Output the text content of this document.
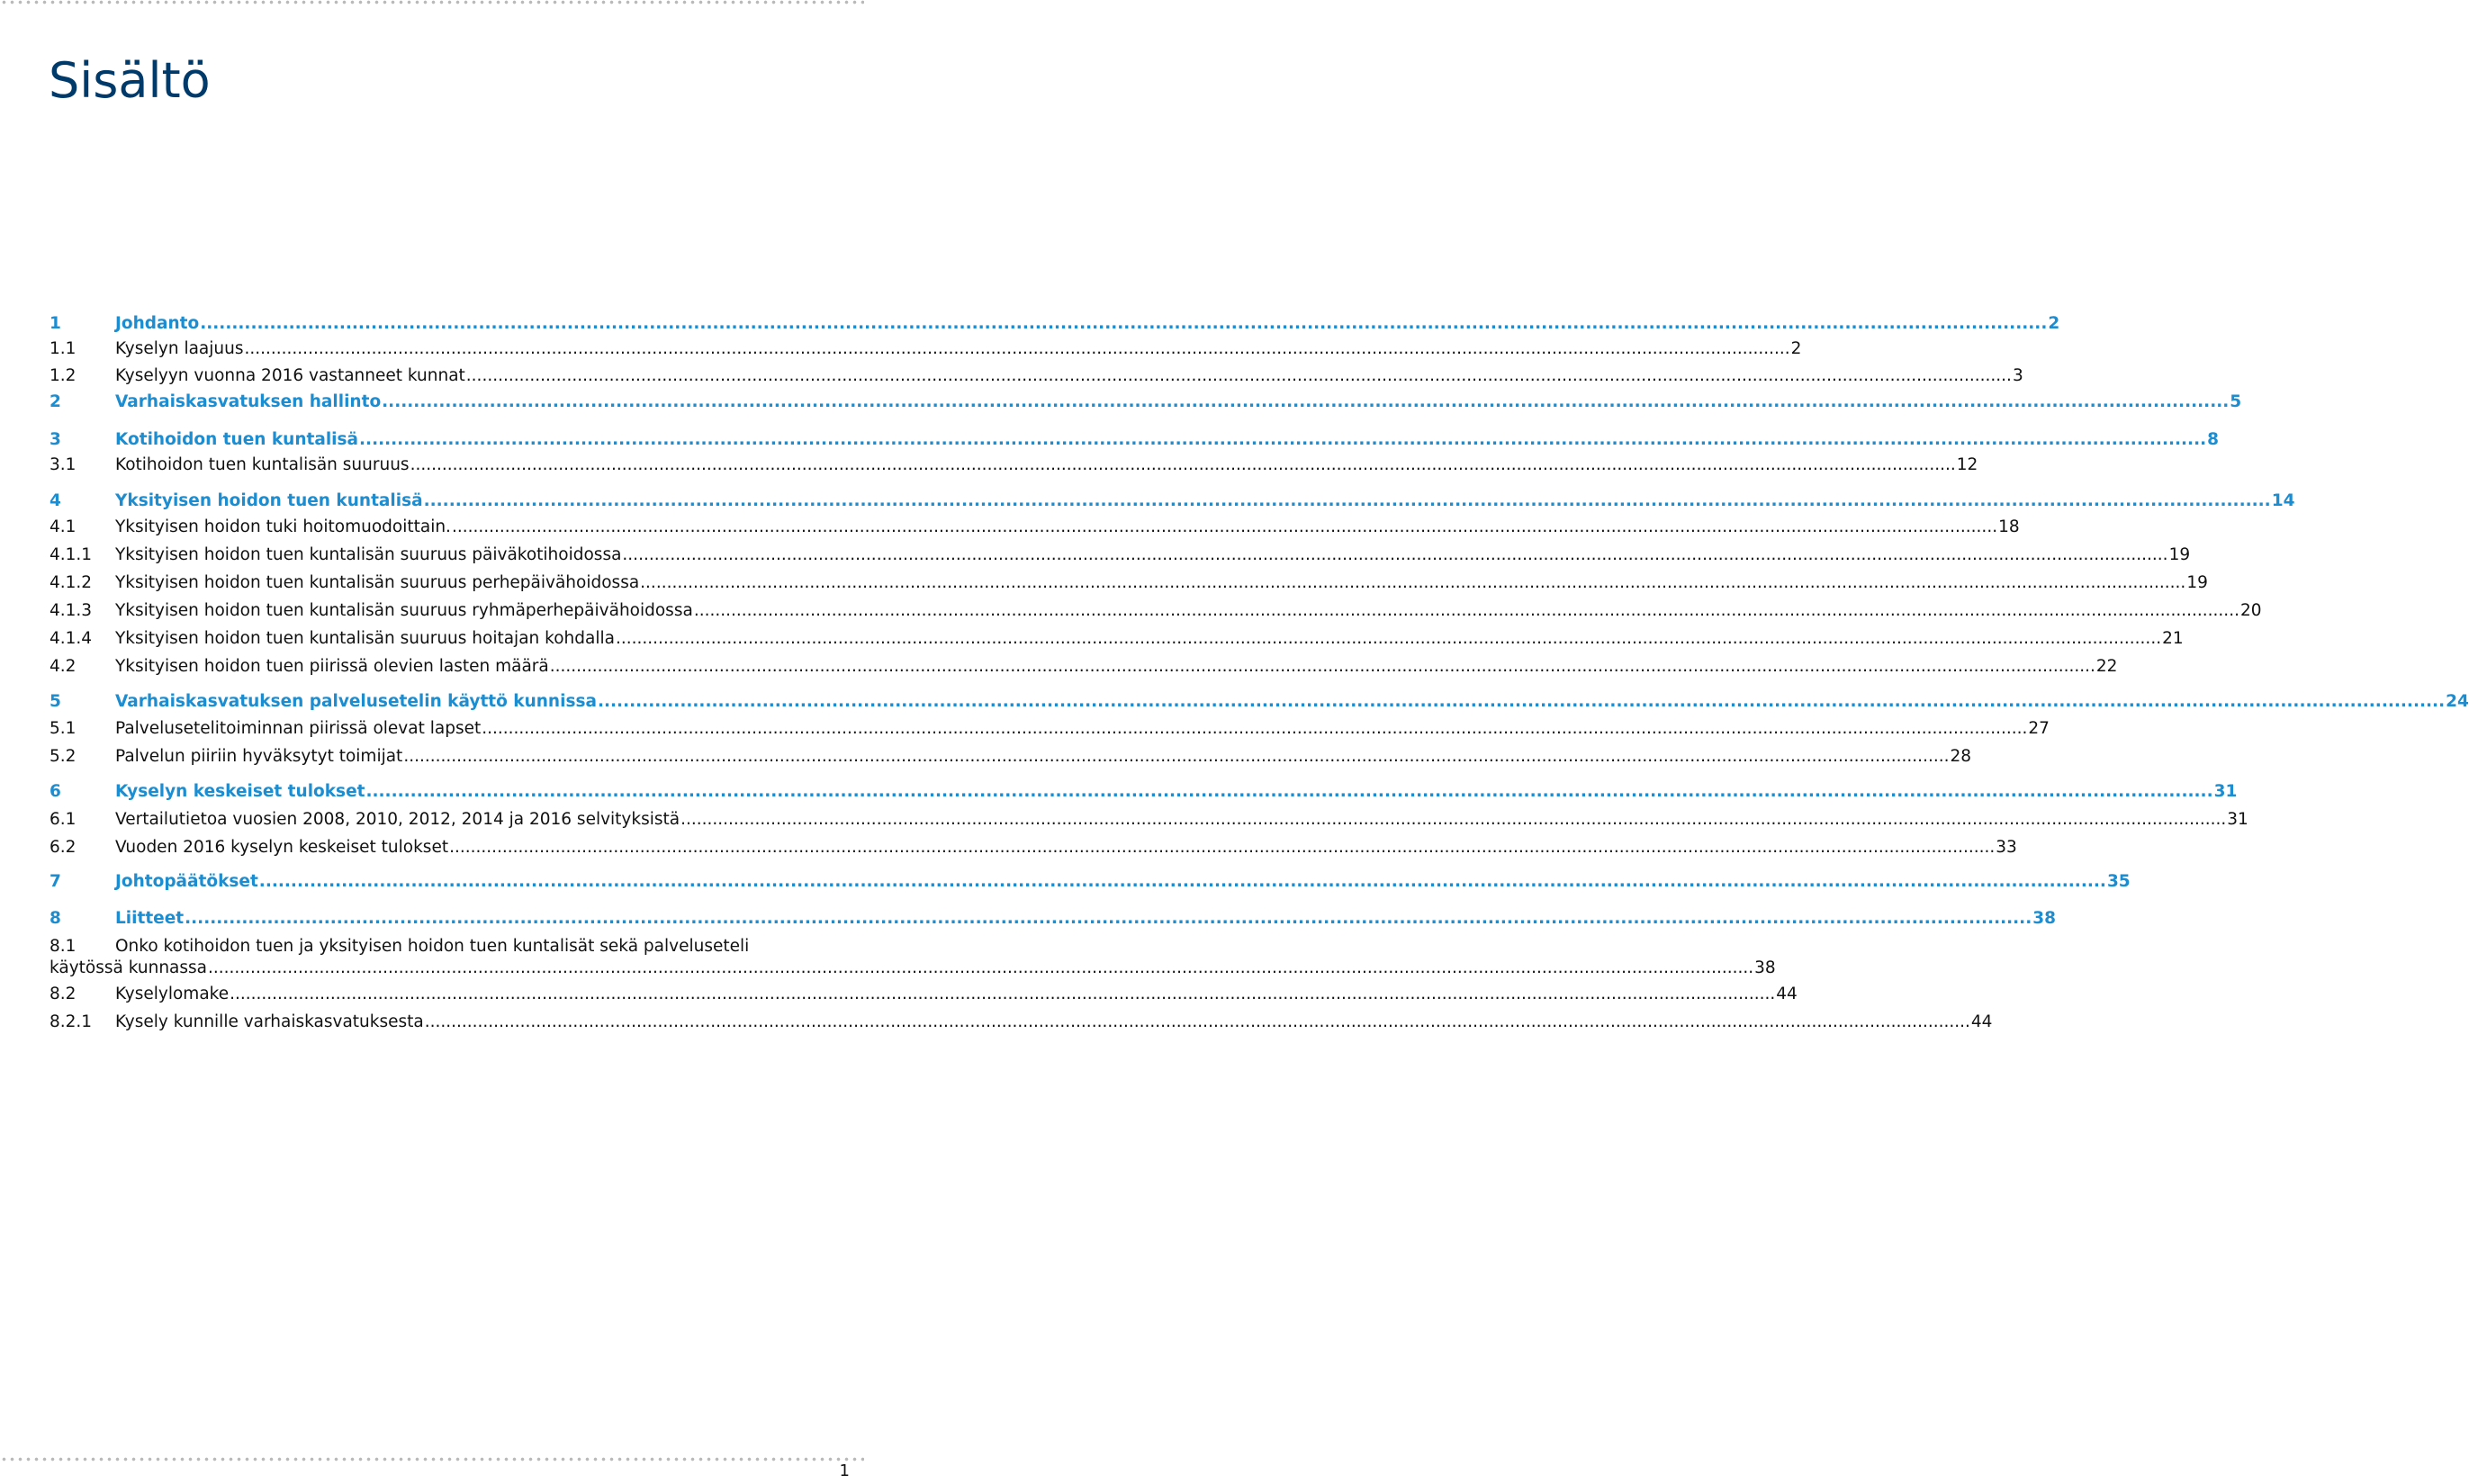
Sisältö
1	Johdanto .....	2
1.1	Kyselyn laajuus .....	2
1.2	Kyselyyn vuonna 2016 vastanneet kunnat .....	3
2	Varhaiskasvatuksen hallinto .....	5
3	Kotihoidon tuen kuntalisä .....	8
3.1	Kotihoidon tuen kuntalisän suuruus .....	12
4	Yksityisen hoidon tuen kuntalisä .....	14
4.1	Yksityisen hoidon tuki hoitomuodoittain. .....	18
4.1.1	Yksityisen hoidon tuen kuntalisän suuruus päiväkotihoidossa .....	19
4.1.2	Yksityisen hoidon tuen kuntalisän suuruus perhepäivähoidossa .....	19
4.1.3	Yksityisen hoidon tuen kuntalisän suuruus ryhmäperhepäivähoidossa .....	20
4.1.4	Yksityisen hoidon tuen kuntalisän suuruus hoitajan kohdalla .....	21
4.2	Yksityisen hoidon tuen piirissä olevien lasten määrä .....	22
5	Varhaiskasvatuksen palvelusetelin käyttö kunnissa .....	24
5.1	Palvelusetelitoiminnan piirissä olevat lapset .....	27
5.2	Palvelun piiriin hyväksytyt toimijat .....	28
6	Kyselyn keskeiset tulokset .....	31
6.1	Vertailutietoa vuosien 2008, 2010, 2012, 2014 ja 2016 selvityksistä .....	31
6.2	Vuoden 2016 kyselyn keskeiset tulokset .....	33
7	Johtopäätökset .....	35
8	Liitteet .....	38
8.1	Onko kotihoidon tuen ja yksityisen hoidon tuen kuntalisät sekä palveluseteli
käytössä kunnassa .....	38
8.2	Kyselylomake .....	44
8.2.1	Kysely kunnille varhaiskasvatuksesta .....	44
1
